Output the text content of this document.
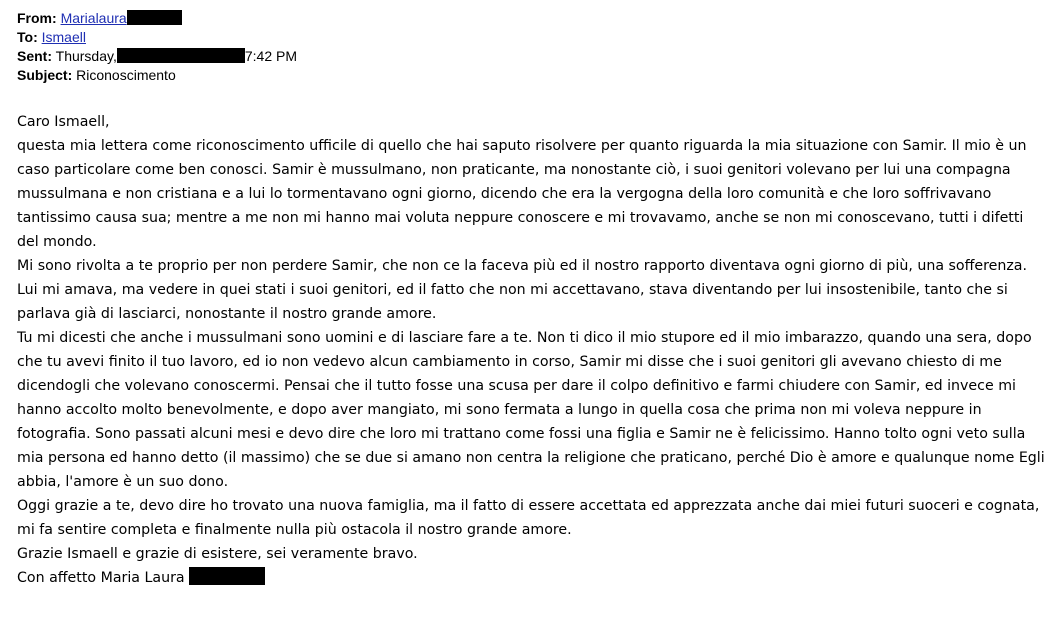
From: Marialaura
To: Ismaell
Sent: Thursday,	7:42 PM
Subject: Riconoscimento

Caro Ismaell,

questa mia lettera come riconoscimento ufficile di quello che hai saputo risolvere per quanto riguarda la mia situazione con Samir. Il mio è un caso particolare come ben conosci. Samir è mussulmano, non praticante, ma nonostante ciò, i suoi genitori volevano per lui una compagna mussulmana e non cristiana e a lui lo tormentavano ogni giorno, dicendo che era la vergogna della loro comunità e che loro soffrivavano tantissimo causa sua; mentre a me non mi hanno mai voluta neppure conoscere e mi trovavamo, anche se non mi conoscevano, tutti i difetti del mondo.

Mi sono rivolta a te proprio per non perdere Samir, che non ce la faceva più ed il nostro rapporto diventava ogni giorno di più, una sofferenza. Lui mi amava, ma vedere in quei stati i suoi genitori, ed il fatto che non mi accettavano, stava diventando per lui insostenibile, tanto che si parlava già di lasciarci, nonostante il nostro grande amore.

Tu mi dicesti che anche i mussulmani sono uomini e di lasciare fare a te. Non ti dico il mio stupore ed il mio imbarazzo, quando una sera, dopo che tu avevi finito il tuo lavoro, ed io non vedevo alcun cambiamento in corso, Samir mi disse che i suoi genitori gli avevano chiesto di me dicendogli che volevano conoscermi. Pensai che il tutto fosse una scusa per dare il colpo definitivo e farmi chiudere con Samir, ed invece mi hanno accolto molto benevolmente, e dopo aver mangiato, mi sono fermata a lungo in quella cosa che prima non mi voleva neppure in fotografia. Sono passati alcuni mesi e devo dire che loro mi trattano come fossi una figlia e Samir ne è felicissimo. Hanno tolto ogni veto sulla mia persona ed hanno detto (il massimo) che se due si amano non centra la religione che praticano, perché Dio è amore e qualunque nome Egli abbia, l'amore è un suo dono.

Oggi grazie a te, devo dire ho trovato una nuova famiglia, ma il fatto di essere accettata ed apprezzata anche dai miei futuri suoceri e cognata, mi fa sentire completa e finalmente nulla più ostacola il nostro grande amore.

Grazie Ismaell e grazie di esistere, sei veramente bravo.

Con affetto Maria Laura
